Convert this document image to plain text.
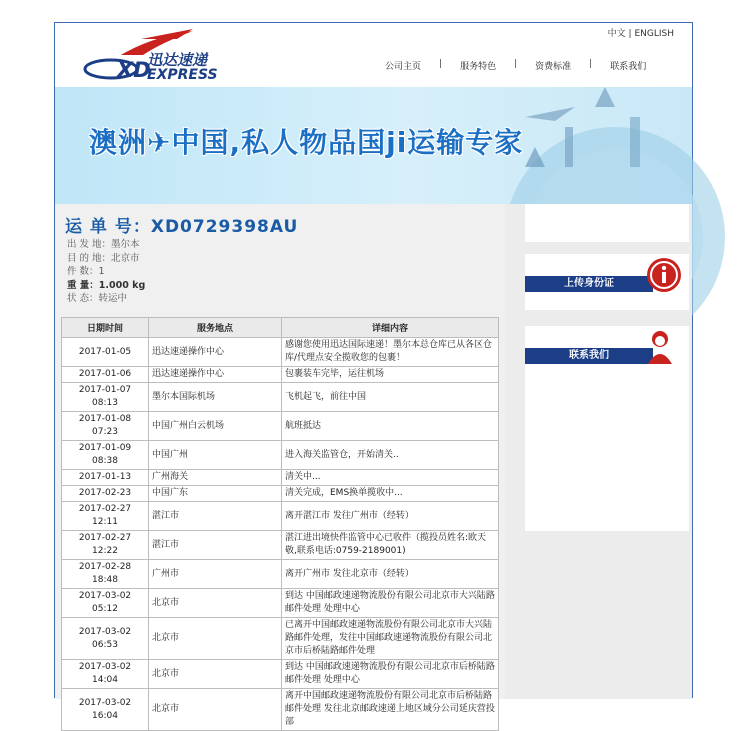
中文 | ENGLISH
XD
迅达速递
EXPRESS	公司主页 | 服务特色 | 资费标准 | 联系我们
澳洲✈中国,私人物品国ji运输专家
运 单 号：XD0729398AU
出 发 地：墨尔本
目 的 地：北京市
件 数：1
重 量：1.000 kg
状 态：转运中
日期时间	服务地点	详细内容
2017-01-05	迅达速递操作中心	感谢您使用迅达国际速递！墨尔本总仓库已从各区仓库/代理点安全揽收您的包裹！
2017-01-06	迅达速递操作中心	包裹装车完毕，运往机场
2017-01-07 08:13	墨尔本国际机场	飞机起飞，前往中国
2017-01-08 07:23	中国广州白云机场	航班抵达
2017-01-09 08:38	中国广州	进入海关监管仓，开始清关..
2017-01-13	广州海关	清关中...
2017-02-23	中国广东	清关完成，EMS换单揽收中...
2017-02-27 12:11	湛江市	离开湛江市 发往广州市（经转）
2017-02-27 12:22	湛江市	湛江进出境快件监管中心已收件（揽投员姓名:欧天敬,联系电话:0759-2189001)
2017-02-28 18:48	广州市	离开广州市 发往北京市（经转）
2017-03-02 05:12	北京市	到达 中国邮政速递物流股份有限公司北京市大兴陆路邮件处理 处理中心
2017-03-02 06:53	北京市	已离开中国邮政速递物流股份有限公司北京市大兴陆路邮件处理，发往中国邮政速递物流股份有限公司北京市后桥陆路邮件处理
2017-03-02 14:04	北京市	到达 中国邮政速递物流股份有限公司北京市后桥陆路邮件处理 处理中心
2017-03-02 16:04	北京市	离开中国邮政速递物流股份有限公司北京市后桥陆路邮件处理 发往北京邮政速递上地区域分公司延庆营投部
上传身份证
联系我们
